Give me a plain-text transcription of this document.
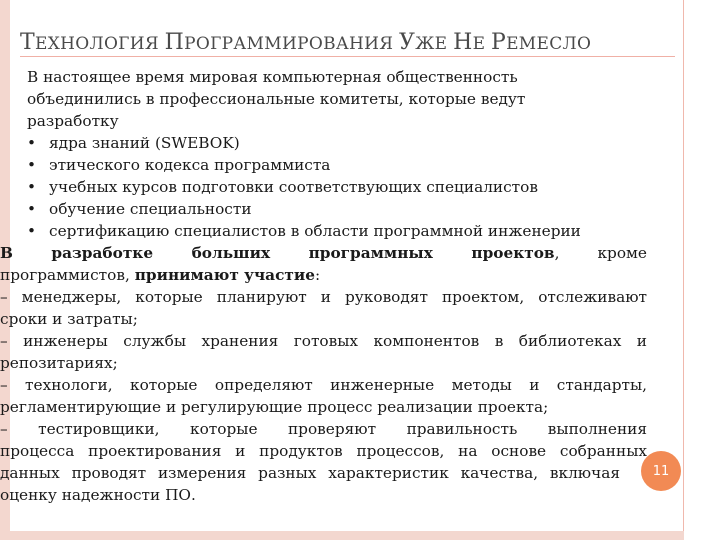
ТЕХНОЛОГИЯ ПРОГРАММИРОВАНИЯ УЖЕ НЕ РЕМЕСЛО
В настоящее время мировая компьютерная общественность
объединились в профессиональные комитеты, которые ведут
разработку
• ядра знаний (SWEBOK)
• этического кодекса программиста
• учебных курсов подготовки соответствующих специалистов
• обучение специальности
• сертификацию специалистов в области программной инженерии
В разработке больших программных проектов, кроме
программистов, принимают участие:
– менеджеры, которые планируют и руководят проектом, отслеживают
сроки и затраты;
– инженеры службы хранения готовых компонентов в библиотеках и
репозитариях;
– технологи, которые определяют инженерные методы и стандарты,
регламентирующие и регулирующие процесс реализации проекта;
– тестировщики, которые проверяют правильность выполнения
процесса проектирования и продуктов процессов, на основе собранных
данных проводят измерения разных характеристик качества, включая
оценку надежности ПО.
11
